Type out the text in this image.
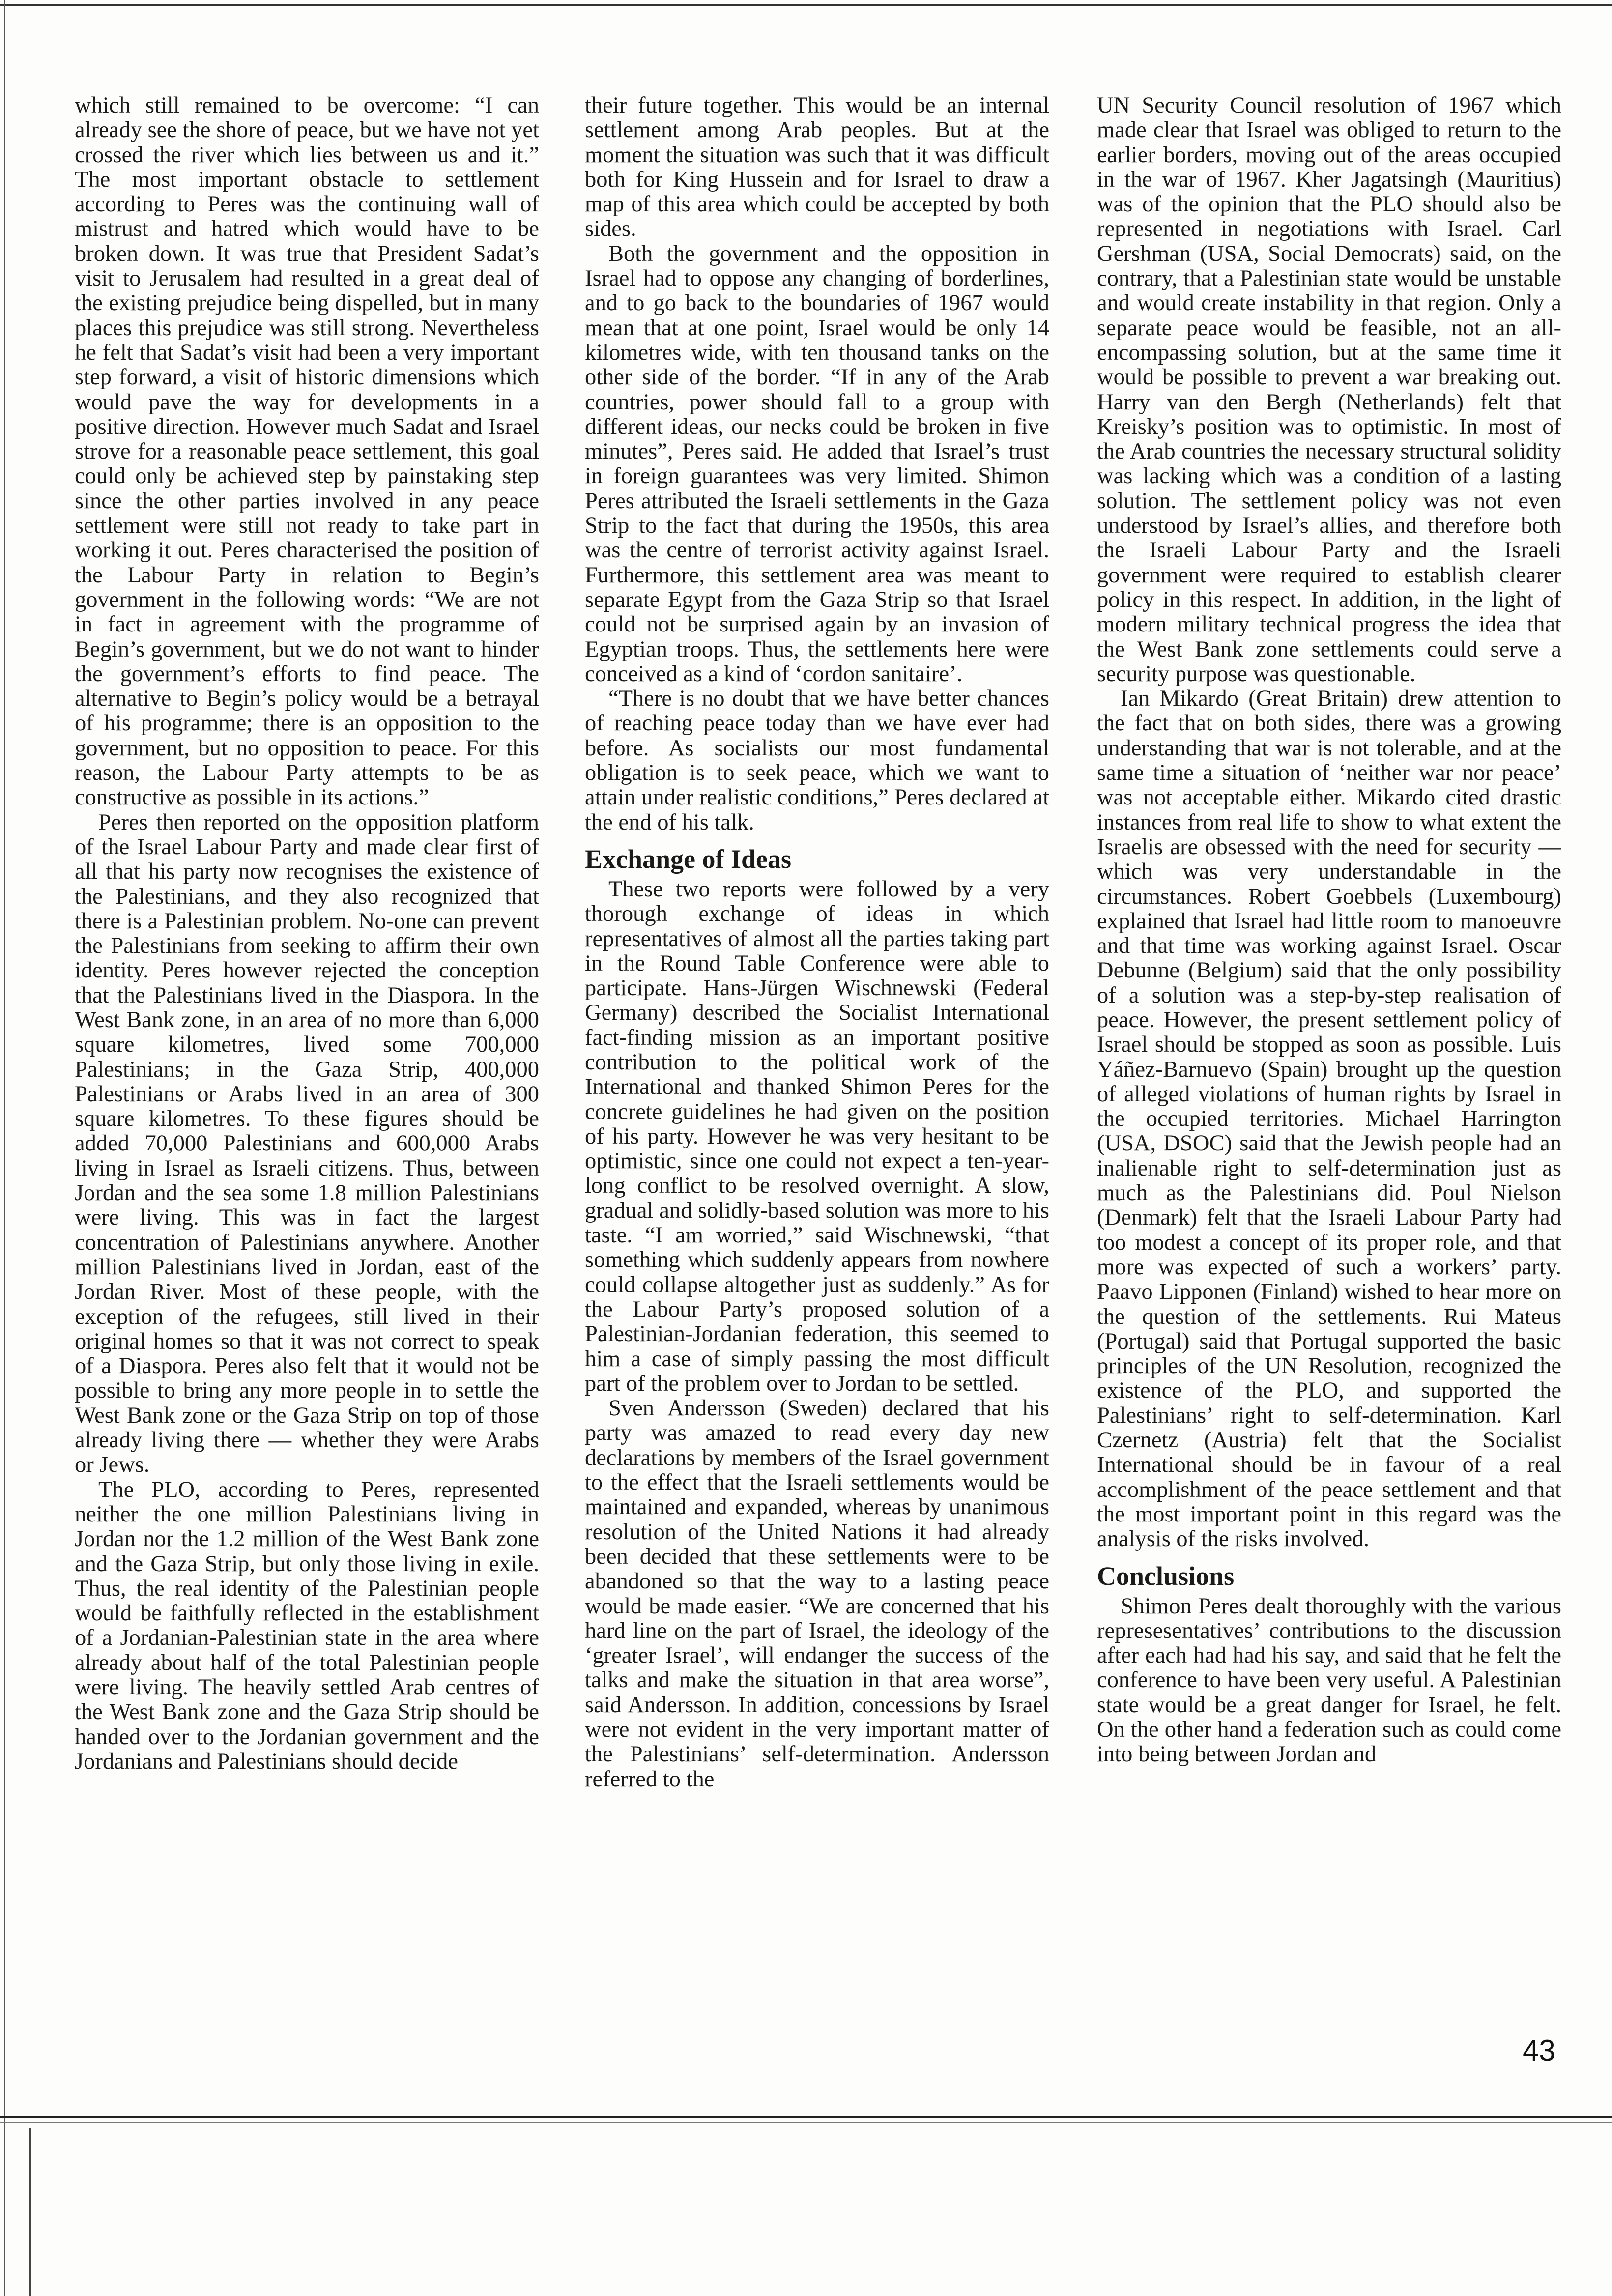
which still remained to be overcome: “I can already see the shore of peace, but we have not yet crossed the river which lies between us and it.” The most important obstacle to settlement according to Peres was the continuing wall of mistrust and hatred which would have to be broken down. It was true that President Sadat’s visit to Jerusalem had resulted in a great deal of the existing prejudice being dispelled, but in many places this prejudice was still strong. Nevertheless he felt that Sadat’s visit had been a very important step forward, a visit of historic dimensions which would pave the way for developments in a positive direction. However much Sadat and Israel strove for a reasonable peace settlement, this goal could only be achieved step by painstaking step since the other parties involved in any peace settlement were still not ready to take part in working it out. Peres characterised the position of the Labour Party in relation to Begin’s government in the following words: “We are not in fact in agreement with the programme of Begin’s government, but we do not want to hinder the government’s efforts to find peace. The alternative to Begin’s policy would be a betrayal of his programme; there is an opposition to the government, but no opposition to peace. For this reason, the Labour Party attempts to be as constructive as possible in its actions.”

Peres then reported on the opposition platform of the Israel Labour Party and made clear first of all that his party now recognises the existence of the Palestinians, and they also recognized that there is a Palestinian problem. No-one can prevent the Palestinians from seeking to affirm their own identity. Peres however rejected the conception that the Palestinians lived in the Diaspora. In the West Bank zone, in an area of no more than 6,000 square kilometres, lived some 700,000 Palestinians; in the Gaza Strip, 400,000 Palestinians or Arabs lived in an area of 300 square kilometres. To these figures should be added 70,000 Palestinians and 600,000 Arabs living in Israel as Israeli citizens. Thus, between Jordan and the sea some 1.8 million Palestinians were living. This was in fact the largest concentration of Palestinians anywhere. Another million Palestinians lived in Jordan, east of the Jordan River. Most of these people, with the exception of the refugees, still lived in their original homes so that it was not correct to speak of a Diaspora. Peres also felt that it would not be possible to bring any more people in to settle the West Bank zone or the Gaza Strip on top of those already living there — whether they were Arabs or Jews.

The PLO, according to Peres, represented neither the one million Palestinians living in Jordan nor the 1.2 million of the West Bank zone and the Gaza Strip, but only those living in exile. Thus, the real identity of the Palestinian people would be faithfully reflected in the establishment of a Jordanian-Palestinian state in the area where already about half of the total Palestinian people were living. The heavily settled Arab centres of the West Bank zone and the Gaza Strip should be handed over to the Jordanian government and the Jordanians and Palestinians should decide

their future together. This would be an internal settlement among Arab peoples. But at the moment the situation was such that it was difficult both for King Hussein and for Israel to draw a map of this area which could be accepted by both sides.

Both the government and the opposition in Israel had to oppose any changing of borderlines, and to go back to the boundaries of 1967 would mean that at one point, Israel would be only 14 kilometres wide, with ten thousand tanks on the other side of the border. “If in any of the Arab countries, power should fall to a group with different ideas, our necks could be broken in five minutes”, Peres said. He added that Israel’s trust in foreign guarantees was very limited. Shimon Peres attributed the Israeli settlements in the Gaza Strip to the fact that during the 1950s, this area was the centre of terrorist activity against Israel. Furthermore, this settlement area was meant to separate Egypt from the Gaza Strip so that Israel could not be surprised again by an invasion of Egyptian troops. Thus, the settlements here were conceived as a kind of ‘cordon sanitaire’.

“There is no doubt that we have better chances of reaching peace today than we have ever had before. As socialists our most fundamental obligation is to seek peace, which we want to attain under realistic conditions,” Peres declared at the end of his talk.

Exchange of Ideas

These two reports were followed by a very thorough exchange of ideas in which representatives of almost all the parties taking part in the Round Table Conference were able to participate. Hans-Jürgen Wischnewski (Federal Germany) described the Socialist International fact-finding mission as an important positive contribution to the political work of the International and thanked Shimon Peres for the concrete guidelines he had given on the position of his party. However he was very hesitant to be optimistic, since one could not expect a ten-year-long conflict to be resolved overnight. A slow, gradual and solidly-based solution was more to his taste. “I am worried,” said Wischnewski, “that something which suddenly appears from nowhere could collapse altogether just as suddenly.” As for the Labour Party’s proposed solution of a Palestinian-Jordanian federation, this seemed to him a case of simply passing the most difficult part of the problem over to Jordan to be settled.

Sven Andersson (Sweden) declared that his party was amazed to read every day new declarations by members of the Israel government to the effect that the Israeli settlements would be maintained and expanded, whereas by unanimous resolution of the United Nations it had already been decided that these settlements were to be abandoned so that the way to a lasting peace would be made easier. “We are concerned that his hard line on the part of Israel, the ideology of the ‘greater Israel’, will endanger the success of the talks and make the situation in that area worse”, said Andersson. In addition, concessions by Israel were not evident in the very important matter of the Palestinians’ self-determination. Andersson referred to the

UN Security Council resolution of 1967 which made clear that Israel was obliged to return to the earlier borders, moving out of the areas occupied in the war of 1967. Kher Jagatsingh (Mauritius) was of the opinion that the PLO should also be represented in negotiations with Israel. Carl Gershman (USA, Social Democrats) said, on the contrary, that a Palestinian state would be unstable and would create instability in that region. Only a separate peace would be feasible, not an all-encompassing solution, but at the same time it would be possible to prevent a war breaking out. Harry van den Bergh (Netherlands) felt that Kreisky’s position was to optimistic. In most of the Arab countries the necessary structural solidity was lacking which was a condition of a lasting solution. The settlement policy was not even understood by Israel’s allies, and therefore both the Israeli Labour Party and the Israeli government were required to establish clearer policy in this respect. In addition, in the light of modern military technical progress the idea that the West Bank zone settlements could serve a security purpose was questionable.

Ian Mikardo (Great Britain) drew attention to the fact that on both sides, there was a growing understanding that war is not tolerable, and at the same time a situation of ‘neither war nor peace’ was not acceptable either. Mikardo cited drastic instances from real life to show to what extent the Israelis are obsessed with the need for security — which was very understandable in the circumstances. Robert Goebbels (Luxembourg) explained that Israel had little room to manoeuvre and that time was working against Israel. Oscar Debunne (Belgium) said that the only possibility of a solution was a step-by-step realisation of peace. However, the present settlement policy of Israel should be stopped as soon as possible. Luis Yáñez-Barnuevo (Spain) brought up the question of alleged violations of human rights by Israel in the occupied territories. Michael Harrington (USA, DSOC) said that the Jewish people had an inalienable right to self-determination just as much as the Palestinians did. Poul Nielson (Denmark) felt that the Israeli Labour Party had too modest a concept of its proper role, and that more was expected of such a workers’ party. Paavo Lipponen (Finland) wished to hear more on the question of the settlements. Rui Mateus (Portugal) said that Portugal supported the basic principles of the UN Resolution, recognized the existence of the PLO, and supported the Palestinians’ right to self-determination. Karl Czernetz (Austria) felt that the Socialist International should be in favour of a real accomplishment of the peace settlement and that the most important point in this regard was the analysis of the risks involved.

Conclusions

Shimon Peres dealt thoroughly with the various represesentatives’ contributions to the discussion after each had had his say, and said that he felt the conference to have been very useful. A Palestinian state would be a great danger for Israel, he felt. On the other hand a federation such as could come into being between Jordan and

43
